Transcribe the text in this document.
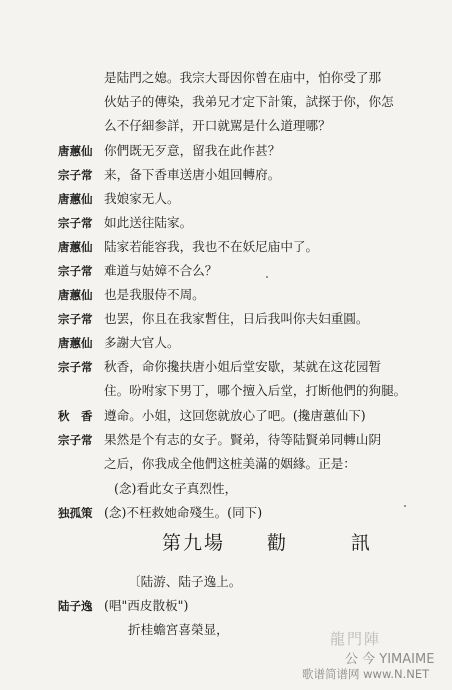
是陆門之媳。我宗大哥因你曾在庙中，怕你受了那
伙姑子的傳染，我弟兄才定下計策，試探于你，你怎
么不仔細参詳，开口就駡是什么道理哪？
唐蕙仙 你們既无歹意，留我在此作甚？
宗子常 来，备下香車送唐小姐回轉府。
唐蕙仙 我娘家无人。
宗子常 如此送往陆家。
唐蕙仙 陆家若能容我，我也不在妖尼庙中了。
宗子常 难道与姑嫜不合么？
唐蕙仙 也是我服侍不周。
宗子常 也罢，你且在我家暫住，日后我叫你夫妇重圓。
唐蕙仙 多謝大官人。
宗子常 秋香，命你攙扶唐小姐后堂安歇，某就在这花园暂
住。吩咐家下男丁，哪个擅入后堂，打断他們的狗腿。
秋　香 遵命。小姐，这回您就放心了吧。(攙唐蕙仙下)
宗子常 果然是个有志的女子。賢弟，待等陆賢弟同轉山阴
之后，你我成全他們这桩美滿的姻緣。正是：
(念)看此女子真烈性，
独孤策 (念)不枉救她命殘生。(同下)
第九場　　勸　　　訊
〔陆游、陆子逸上。
陆子逸 (唱"西皮散板")
折桂蟾宮喜榮显，
龍門陣
公 今 YIMAIME
歌谱简谱网 www.N.NET
